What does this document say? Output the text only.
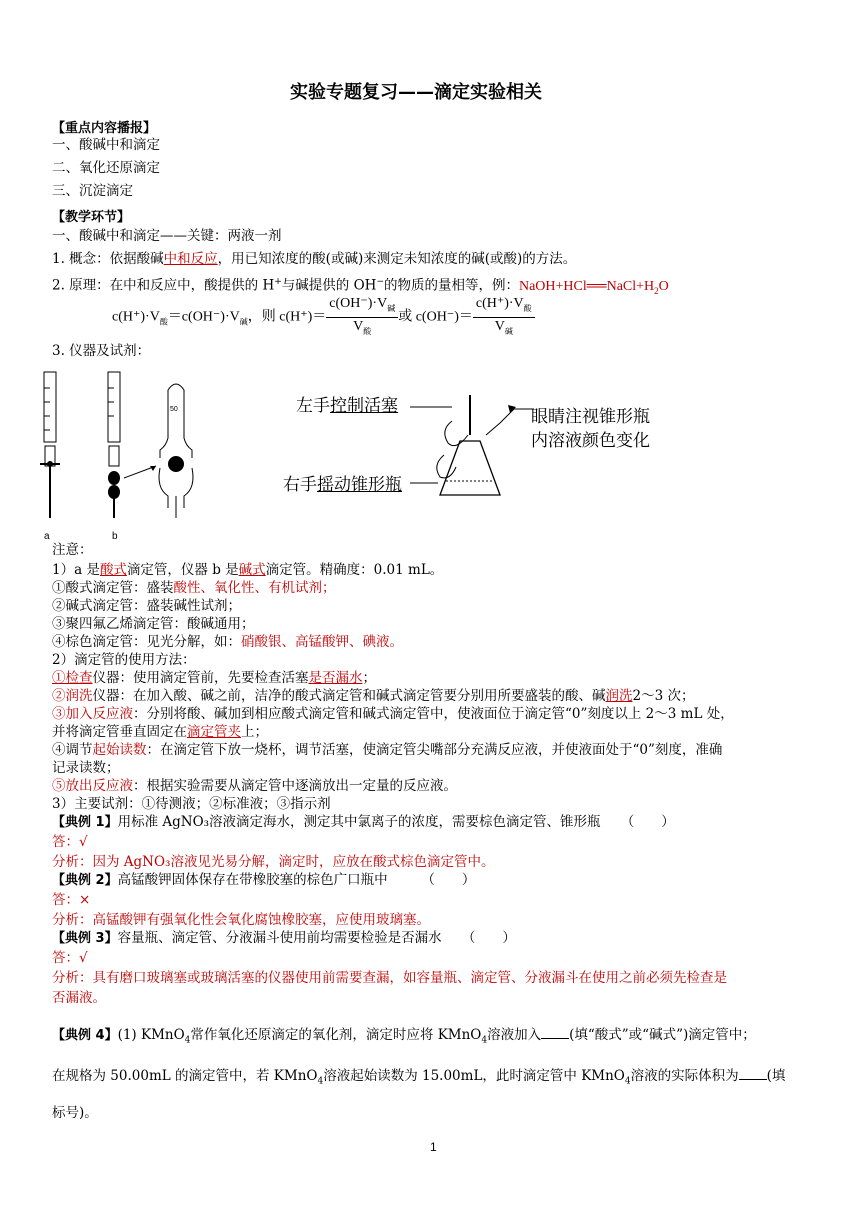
实验专题复习——滴定实验相关
【重点内容播报】
一、酸碱中和滴定
二、氧化还原滴定
三、沉淀滴定
【教学环节】
一、酸碱中和滴定——关键：两液一剂
1. 概念：依据酸碱中和反应，用已知浓度的酸(或碱)来测定未知浓度的碱(或酸)的方法。
2. 原理：在中和反应中，酸提供的 H+与碱提供的 OH−的物质的量相等，例：$NaOH+HCl══NaCl+H_2O$
$c(H^+)\cdot V_酸=c(OH^-)\cdot V_碱$，则 $c(H^+)= \frac{c(OH^-)\cdot V_碱}{V_酸}$ 或 $c(OH^-)= \frac{c(H^+)\cdot V_酸}{V_碱}$
3. 仪器及试剂：
a	b
50	左手控制活塞
右手摇动锥形瓶
眼睛注视锥形瓶
内溶液颜色变化
注意：
1）a 是酸式滴定管，仪器 b 是碱式滴定管。精确度：0.01 mL。
①酸式滴定管：盛装酸性、氧化性、有机试剂；
②碱式滴定管：盛装碱性试剂；
③聚四氟乙烯滴定管：酸碱通用；
④棕色滴定管：见光分解，如：硝酸银、高锰酸钾、碘液。
2）滴定管的使用方法：
①检查仪器：使用滴定管前，先要检查活塞是否漏水；
②润洗仪器：在加入酸、碱之前，洁净的酸式滴定管和碱式滴定管要分别用所要盛装的酸、碱润洗2～3 次；
③加入反应液：分别将酸、碱加到相应酸式滴定管和碱式滴定管中，使液面位于滴定管“0”刻度以上 2～3 mL 处，
并将滴定管垂直固定在滴定管夹上；
④调节起始读数：在滴定管下放一烧杯，调节活塞，使滴定管尖嘴部分充满反应液，并使液面处于“0”刻度，准确
记录读数；
⑤放出反应液：根据实验需要从滴定管中逐滴放出一定量的反应液。
3）主要试剂：①待测液；②标准液；③指示剂
【典例 1】用标准 AgNO₃溶液滴定海水，测定其中氯离子的浓度，需要棕色滴定管、锥形瓶　　（　　）
答：√
分析：因为 AgNO₃溶液见光易分解，滴定时，应放在酸式棕色滴定管中。
【典例 2】高锰酸钾固体保存在带橡胶塞的棕色广口瓶中　　　（　　）
答：×
分析：高锰酸钾有强氧化性会氧化腐蚀橡胶塞，应使用玻璃塞。
【典例 3】容量瓶、滴定管、分液漏斗使用前均需要检验是否漏水　　（　　）
答：√
分析：具有磨口玻璃塞或玻璃活塞的仪器使用前需要查漏，如容量瓶、滴定管、分液漏斗在使用之前必须先检查是
否漏液。
【典例 4】(1) KMnO$_4$常作氧化还原滴定的氧化剂，滴定时应将 KMnO$_4$溶液加入 (填“酸式”或“碱式”)滴定管中；
在规格为 50.00mL 的滴定管中，若 KMnO$_4$溶液起始读数为 15.00mL，此时滴定管中 KMnO$_4$溶液的实际体积为 (填
标号)。
1
